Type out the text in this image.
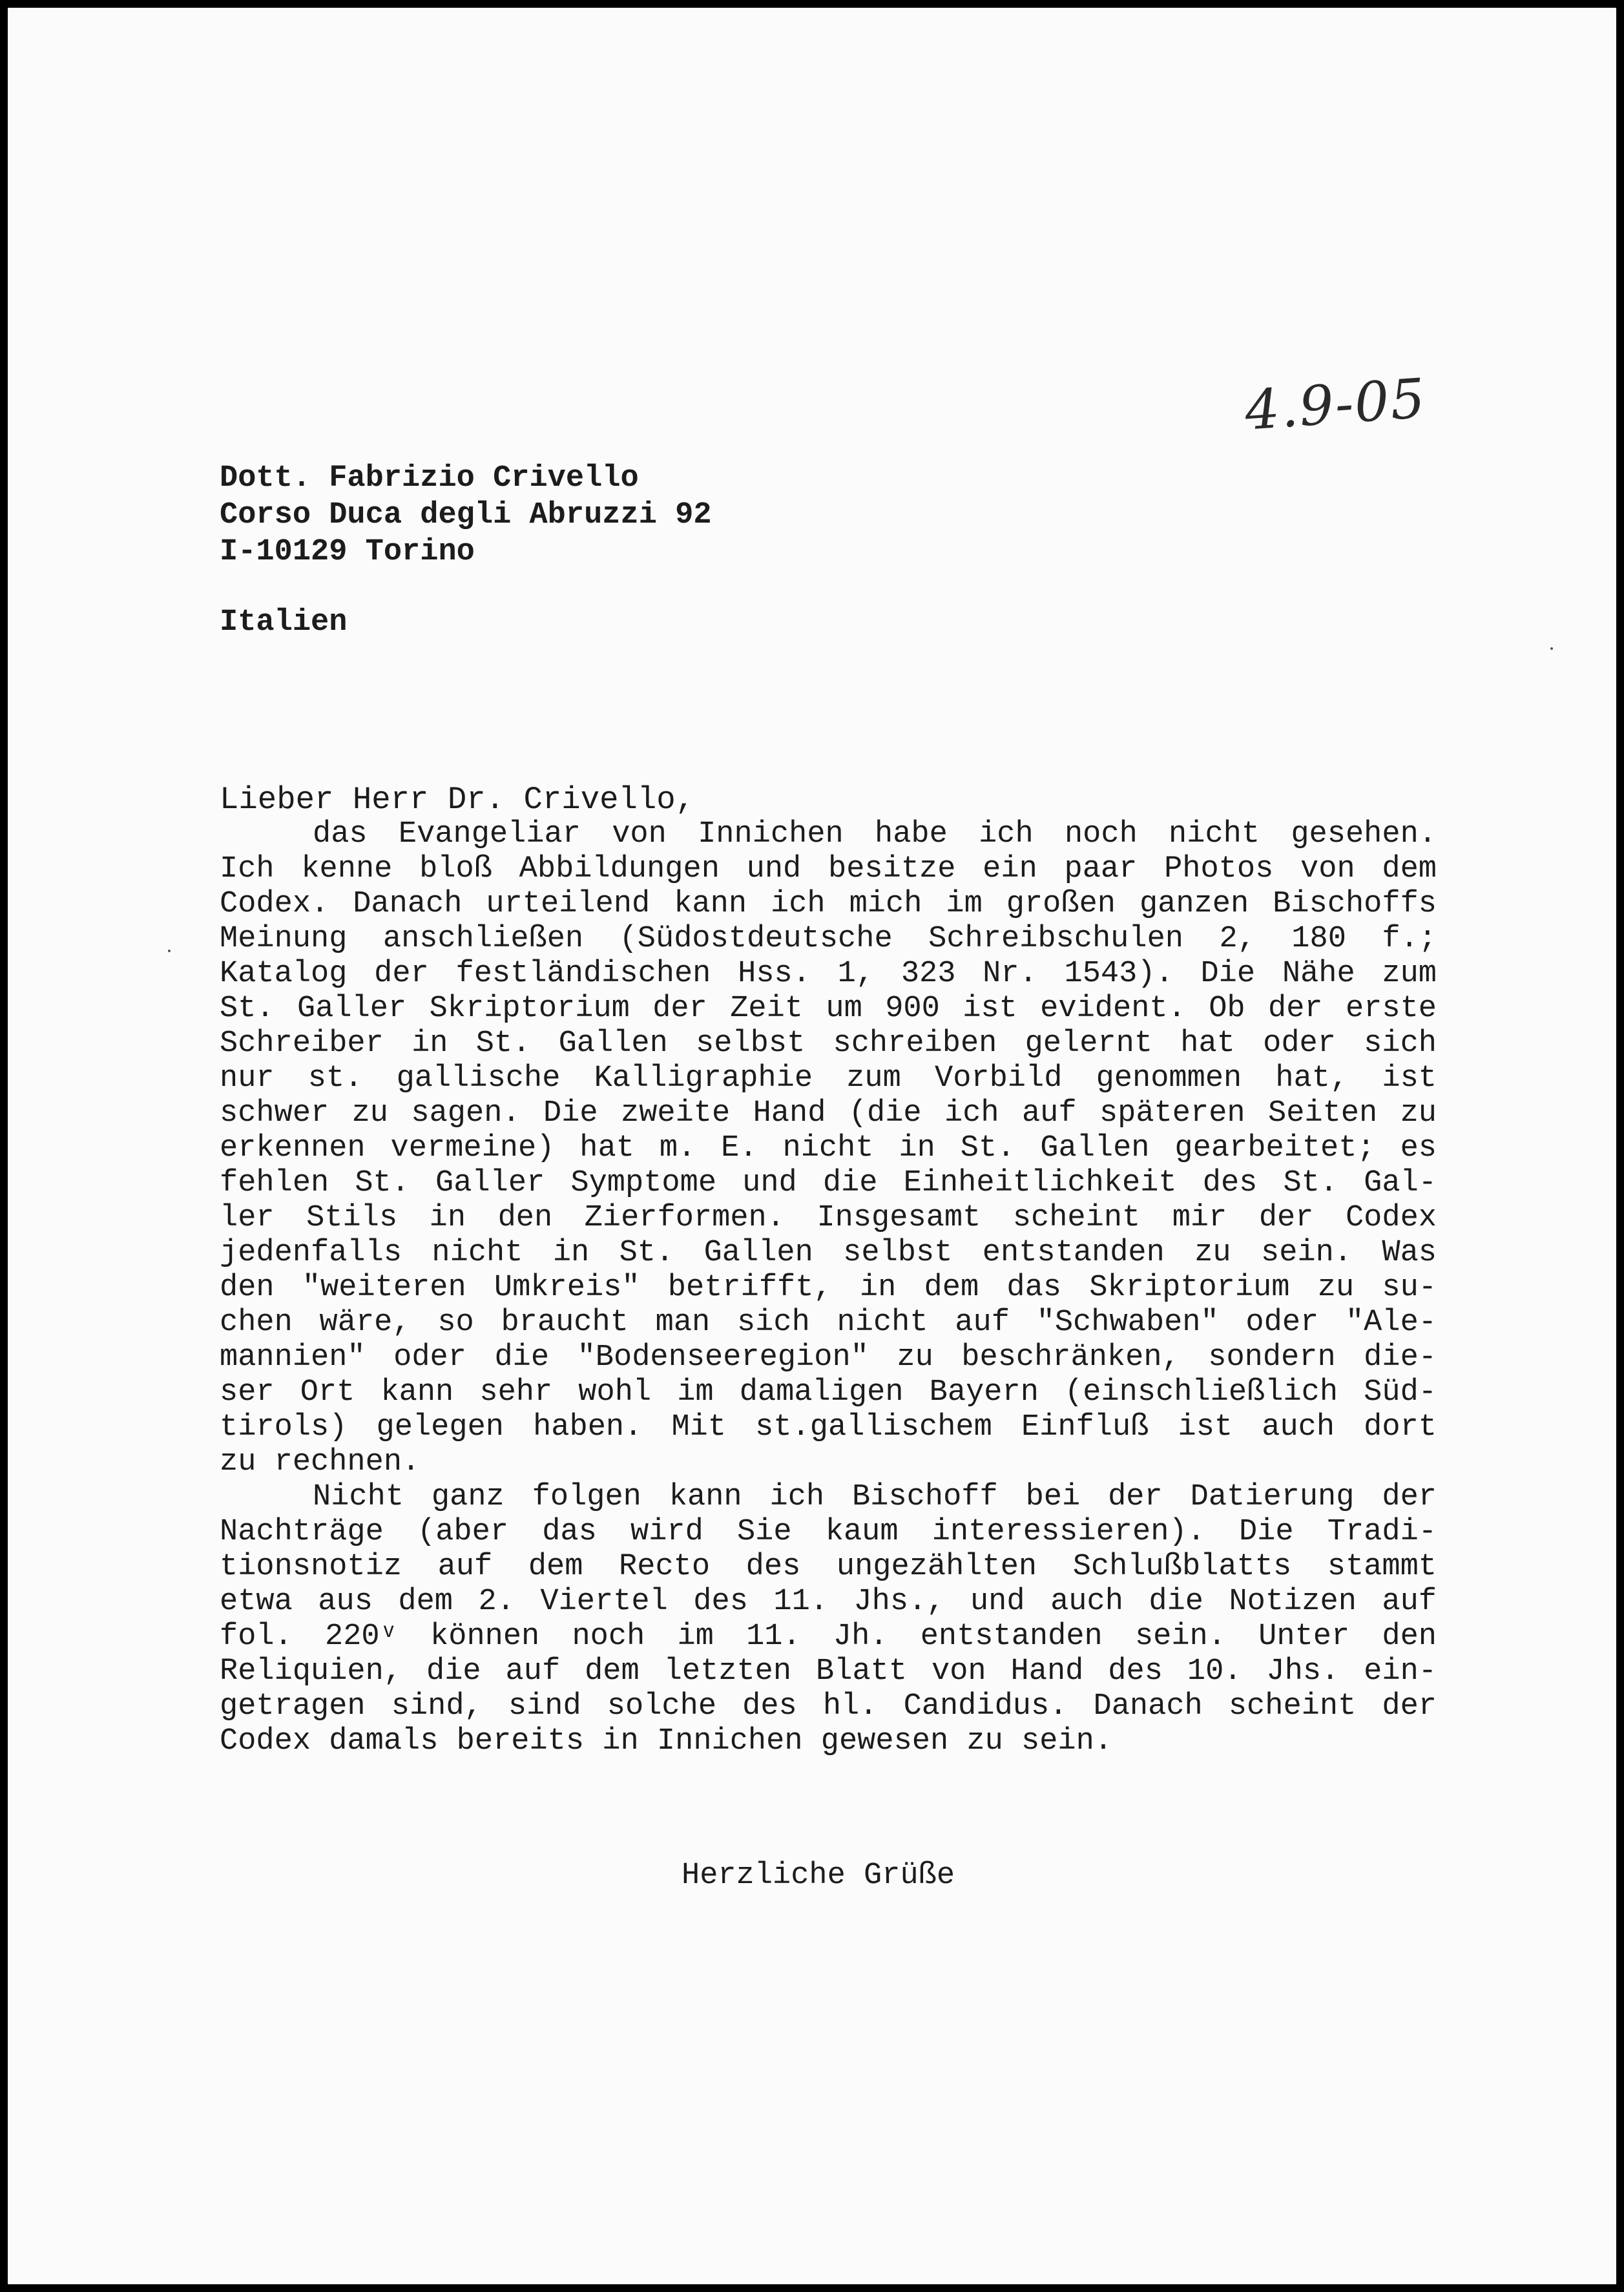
4.9-05
Dott. Fabrizio Crivello
Corso Duca degli Abruzzi 92
I-10129 Torino
Italien
Lieber Herr Dr. Crivello,
das Evangeliar von Innichen habe ich noch nicht gesehen.
Ich kenne bloß Abbildungen und besitze ein paar Photos von dem
Codex. Danach urteilend kann ich mich im großen ganzen Bischoffs
Meinung anschließen (Südostdeutsche Schreibschulen 2, 180 f.;
Katalog der festländischen Hss. 1, 323 Nr. 1543). Die Nähe zum
St. Galler Skriptorium der Zeit um 900 ist evident. Ob der erste
Schreiber in St. Gallen selbst schreiben gelernt hat oder sich
nur st. gallische Kalligraphie zum Vorbild genommen hat, ist
schwer zu sagen. Die zweite Hand (die ich auf späteren Seiten zu
erkennen vermeine) hat m. E. nicht in St. Gallen gearbeitet; es
fehlen St. Galler Symptome und die Einheitlichkeit des St. Gal-
ler Stils in den Zierformen. Insgesamt scheint mir der Codex
jedenfalls nicht in St. Gallen selbst entstanden zu sein. Was
den "weiteren Umkreis" betrifft, in dem das Skriptorium zu su-
chen wäre, so braucht man sich nicht auf "Schwaben" oder "Ale-
mannien" oder die "Bodenseeregion" zu beschränken, sondern die-
ser Ort kann sehr wohl im damaligen Bayern (einschließlich Süd-
tirols) gelegen haben. Mit st.gallischem Einfluß ist auch dort
zu rechnen.
Nicht ganz folgen kann ich Bischoff bei der Datierung der
Nachträge (aber das wird Sie kaum interessieren). Die Tradi-
tionsnotiz auf dem Recto des ungezählten Schlußblatts stammt
etwa aus dem 2. Viertel des 11. Jhs., und auch die Notizen auf
fol. 220ᵛ können noch im 11. Jh. entstanden sein. Unter den
Reliquien, die auf dem letzten Blatt von Hand des 10. Jhs. ein-
getragen sind, sind solche des hl. Candidus. Danach scheint der
Codex damals bereits in Innichen gewesen zu sein.
Herzliche Grüße
